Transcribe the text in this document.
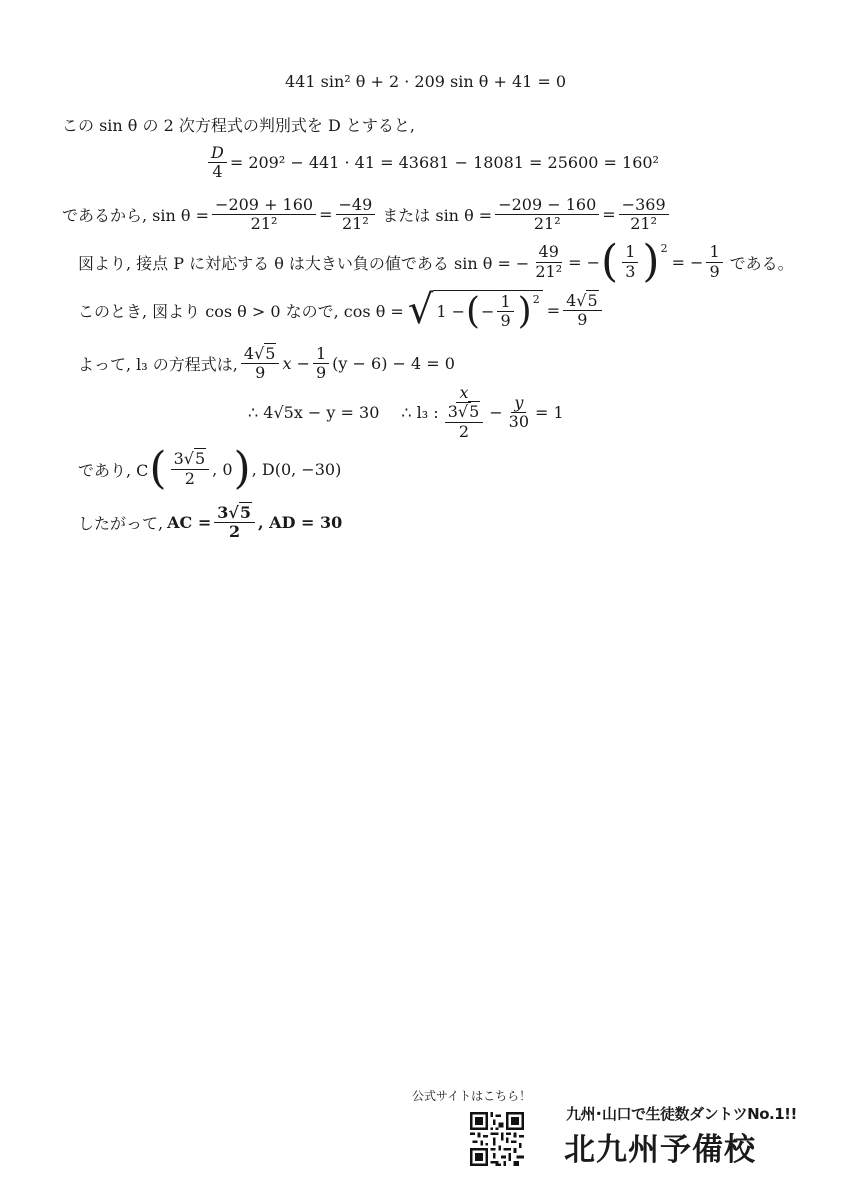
441 sin² θ + 2 · 209 sin θ + 41 = 0
この sin θ の 2 次方程式の判別式を D とすると,
$\frac{D}{4} = 209^2 - 441 \cdot 41 = 43681 - 18081 = 25600 = 160^2$
であるから, $\sin \theta = \frac{-209 + 160}{\text{21²}} = \frac{-49}{\text{21²}}$ または $\sin \theta = \frac{-209 - 160}{\text{21²}} = \frac{-369}{\text{21²}}$
図より, 接点 P に対応する θ は大きい負の値である sin θ = − $\frac{49}{\text{21²}}$ = − ( $\frac{1}{3} )^2$
= − $\frac{1}{9}$ である。
このとき, 図より cos θ > 0 なので, cos θ = √ 1 − ( − $\frac{1}{9} )^2$
= $\frac{4√5}{9}$
よって, l₃ の方程式は, $\frac{4√5}{9}$ $x - \frac{1}{9} (y - 6) - 4 = 0$
∴ 4√5x − y = 30 ∴ l₃ : $\frac{x}{\frac{3√5}{2}} - \frac{y}{30} = 1$
であり, C ( $\frac{3√5}{2}$ , 0 ) , D(0, −30)
したがって, AC = $\frac{3√5}{2}$ , AD = 30
公式サイトはこちら！
九州･山口で生徒数ダントツNo.1!!
北九州予備校
